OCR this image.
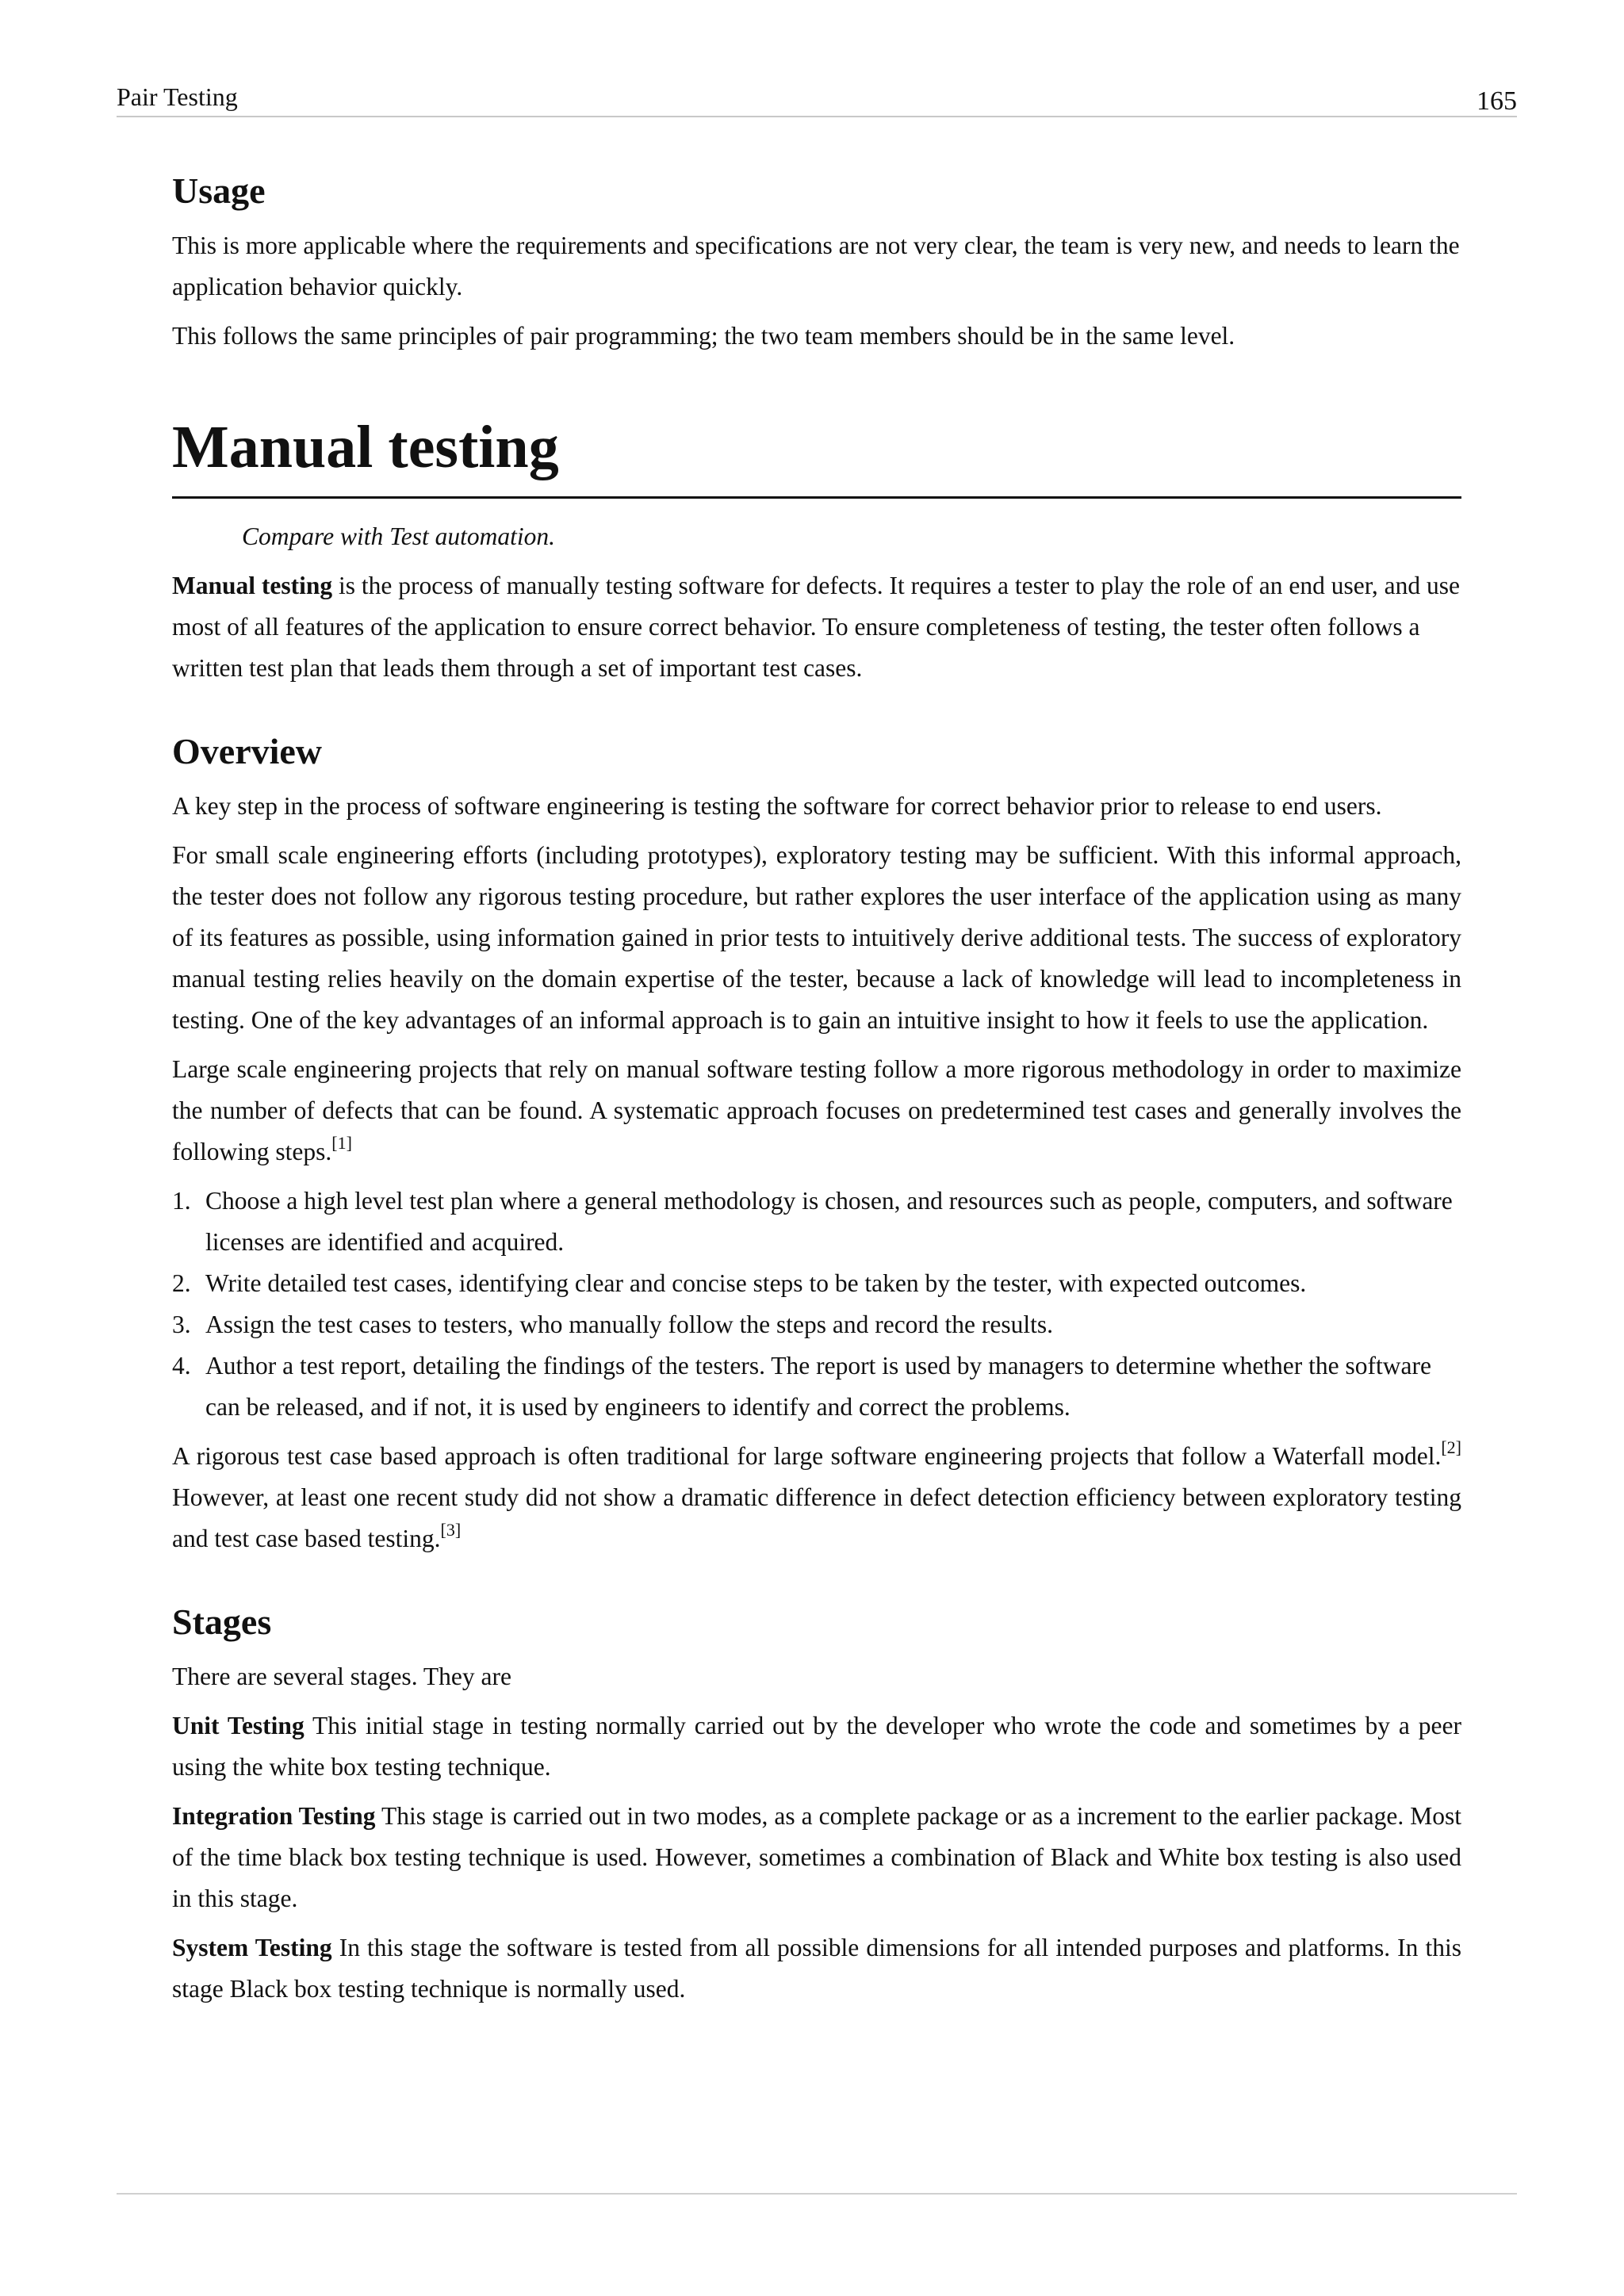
Pair Testing	165
Usage

This is more applicable where the requirements and specifications are not very clear, the team is very new, and needs to learn the application behavior quickly.

This follows the same principles of pair programming; the two team members should be in the same level.

Manual testing

Compare with Test automation.

Manual testing is the process of manually testing software for defects. It requires a tester to play the role of an end user, and use most of all features of the application to ensure correct behavior. To ensure completeness of testing, the tester often follows a written test plan that leads them through a set of important test cases.

Overview

A key step in the process of software engineering is testing the software for correct behavior prior to release to end users.

For small scale engineering efforts (including prototypes), exploratory testing may be sufficient. With this informal approach, the tester does not follow any rigorous testing procedure, but rather explores the user interface of the application using as many of its features as possible, using information gained in prior tests to intuitively derive additional tests. The success of exploratory manual testing relies heavily on the domain expertise of the tester, because a lack of knowledge will lead to incompleteness in testing. One of the key advantages of an informal approach is to gain an intuitive insight to how it feels to use the application.

Large scale engineering projects that rely on manual software testing follow a more rigorous methodology in order to maximize the number of defects that can be found. A systematic approach focuses on predetermined test cases and generally involves the following steps.[1]

1. Choose a high level test plan where a general methodology is chosen, and resources such as people, computers, and software licenses are identified and acquired.
2. Write detailed test cases, identifying clear and concise steps to be taken by the tester, with expected outcomes.
3. Assign the test cases to testers, who manually follow the steps and record the results.
4. Author a test report, detailing the findings of the testers. The report is used by managers to determine whether the software can be released, and if not, it is used by engineers to identify and correct the problems.

A rigorous test case based approach is often traditional for large software engineering projects that follow a Waterfall model.[2] However, at least one recent study did not show a dramatic difference in defect detection efficiency between exploratory testing and test case based testing.[3]

Stages

There are several stages. They are

Unit Testing This initial stage in testing normally carried out by the developer who wrote the code and sometimes by a peer using the white box testing technique.

Integration Testing This stage is carried out in two modes, as a complete package or as a increment to the earlier package. Most of the time black box testing technique is used. However, sometimes a combination of Black and White box testing is also used in this stage.

System Testing In this stage the software is tested from all possible dimensions for all intended purposes and platforms. In this stage Black box testing technique is normally used.
